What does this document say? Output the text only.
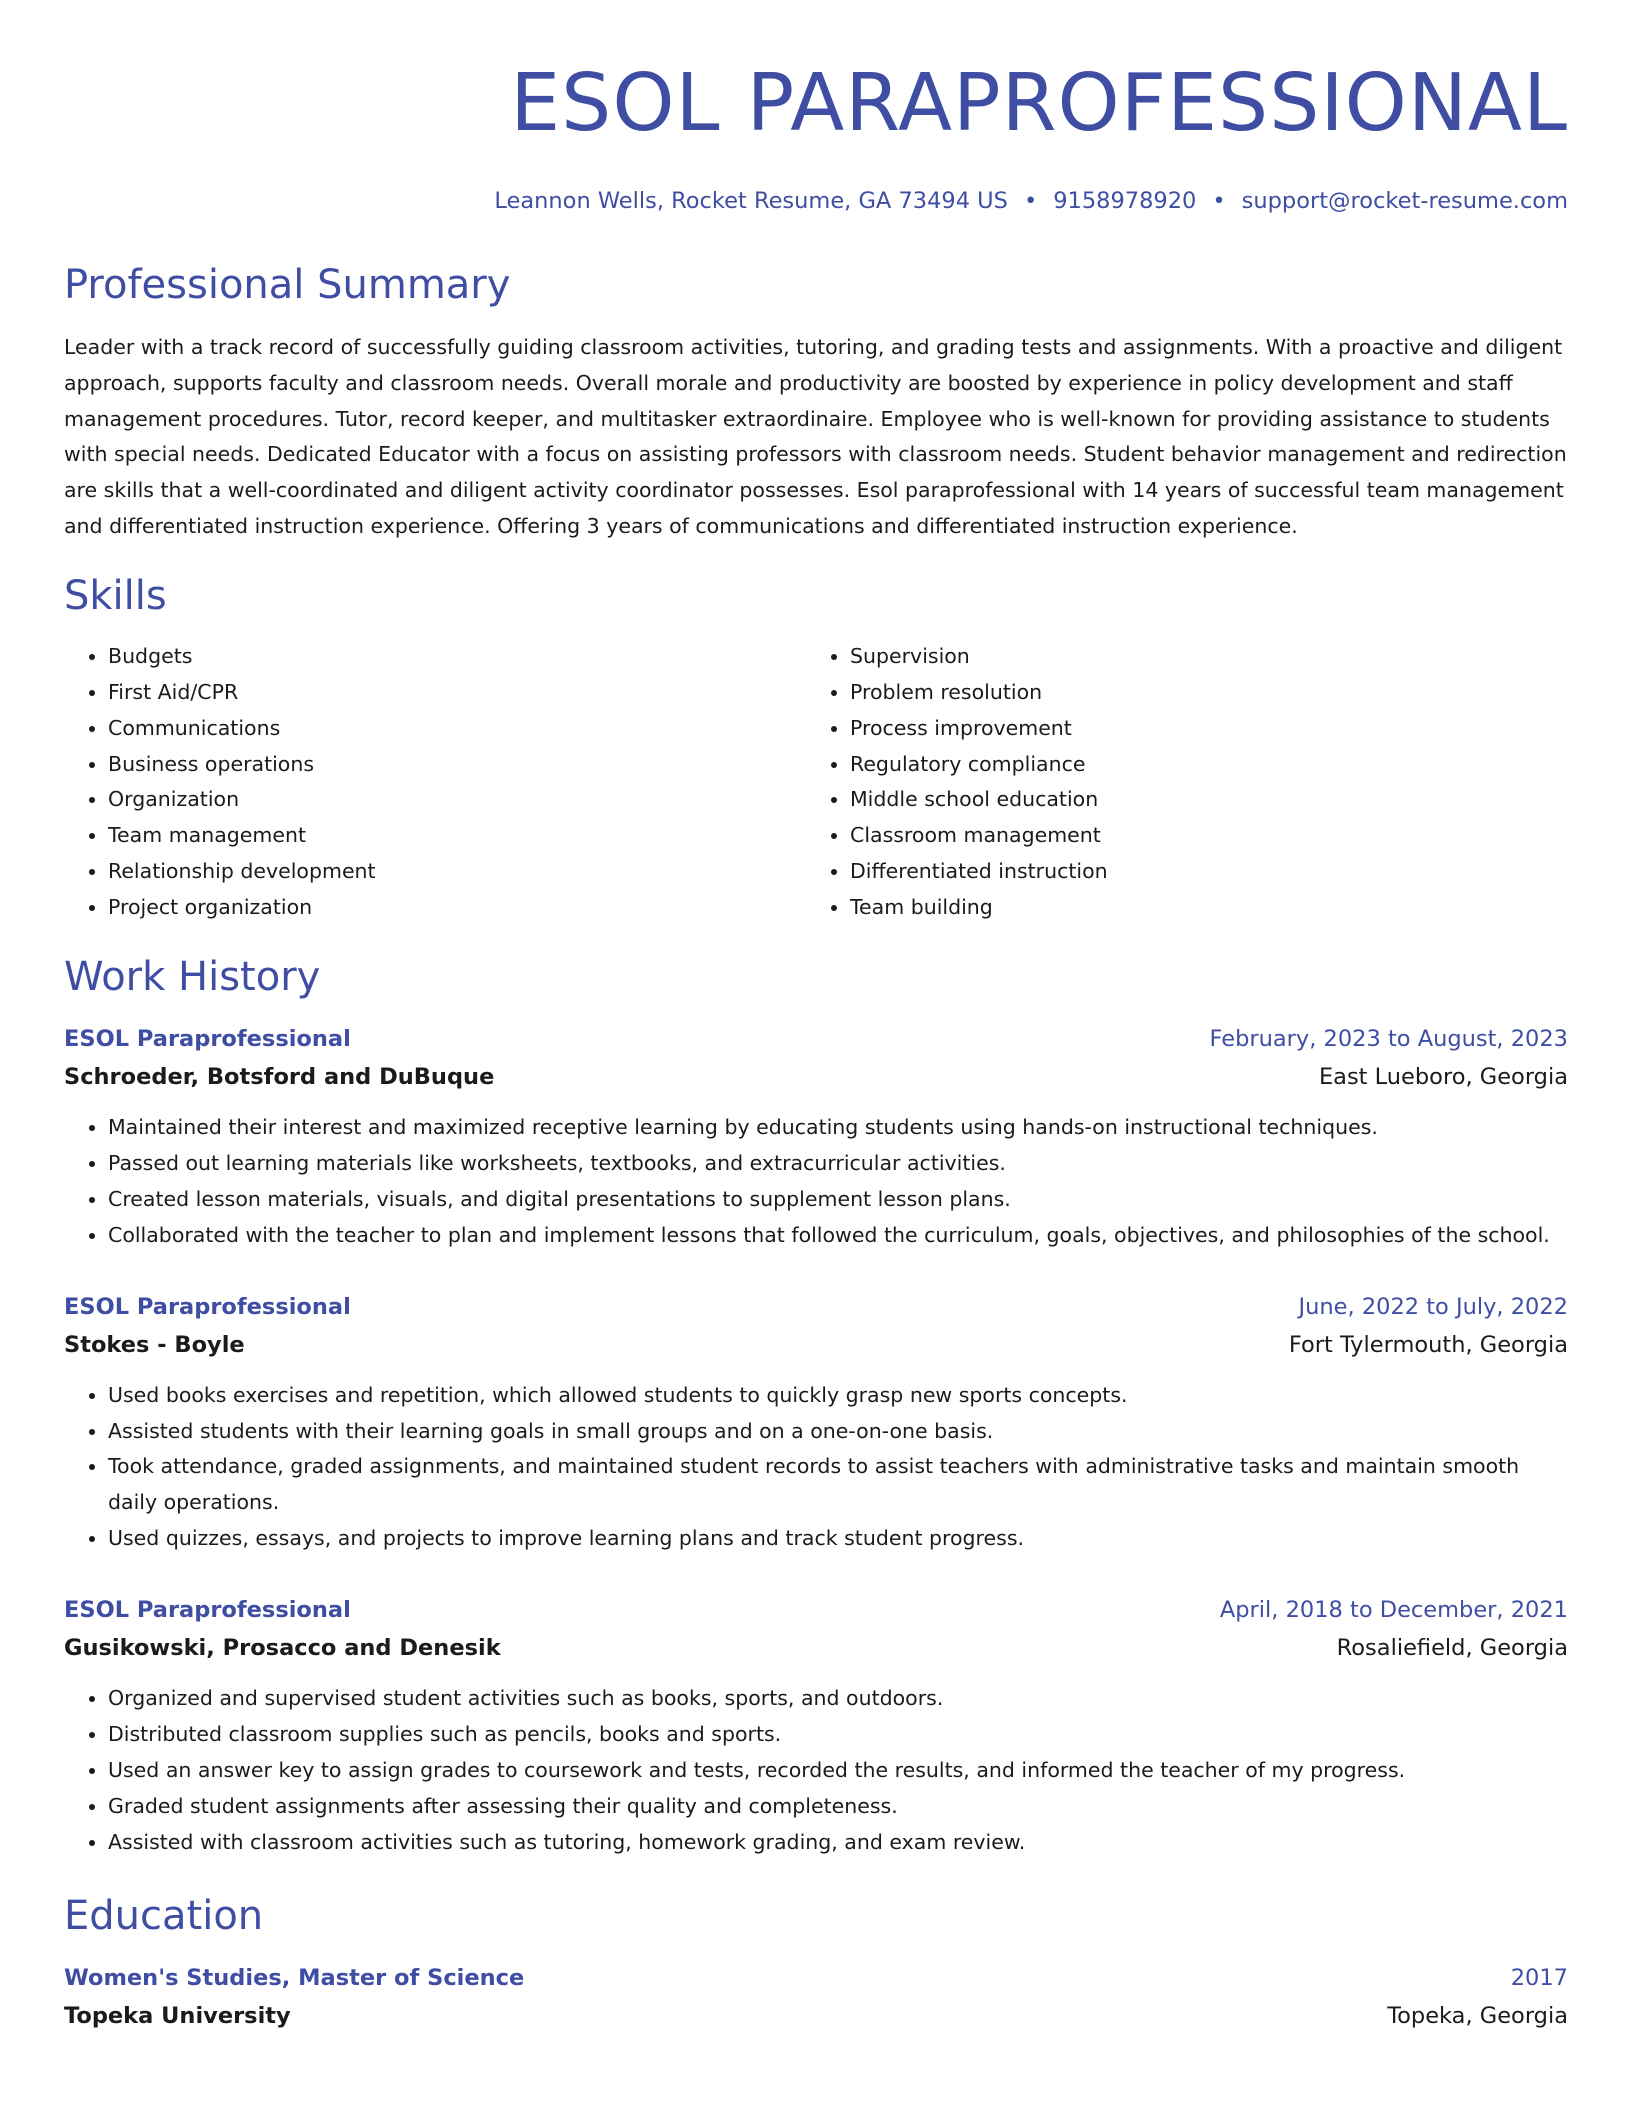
ESOL PARAPROFESSIONAL
Leannon Wells, Rocket Resume, GA 73494 US • 9158978920 • support@rocket-resume.com
Professional Summary
Leader with a track record of successfully guiding classroom activities, tutoring, and grading tests and assignments. With a proactive and diligent approach, supports faculty and classroom needs. Overall morale and productivity are boosted by experience in policy development and staff management procedures. Tutor, record keeper, and multitasker extraordinaire. Employee who is well-known for providing assistance to students with special needs. Dedicated Educator with a focus on assisting professors with classroom needs. Student behavior management and redirection are skills that a well-coordinated and diligent activity coordinator possesses. Esol paraprofessional with 14 years of successful team management and differentiated instruction experience. Offering 3 years of communications and differentiated instruction experience.
Skills
• Budgets
• First Aid/CPR
• Communications
• Business operations
• Organization
• Team management
• Relationship development
• Project organization
• Supervision
• Problem resolution
• Process improvement
• Regulatory compliance
• Middle school education
• Classroom management
• Differentiated instruction
• Team building
Work History
ESOL Paraprofessional	February, 2023 to August, 2023
Schroeder, Botsford and DuBuque	East Lueboro, Georgia
• Maintained their interest and maximized receptive learning by educating students using hands-on instructional techniques.
• Passed out learning materials like worksheets, textbooks, and extracurricular activities.
• Created lesson materials, visuals, and digital presentations to supplement lesson plans.
• Collaborated with the teacher to plan and implement lessons that followed the curriculum, goals, objectives, and philosophies of the school.
ESOL Paraprofessional	June, 2022 to July, 2022
Stokes - Boyle	Fort Tylermouth, Georgia
• Used books exercises and repetition, which allowed students to quickly grasp new sports concepts.
• Assisted students with their learning goals in small groups and on a one-on-one basis.
• Took attendance, graded assignments, and maintained student records to assist teachers with administrative tasks and maintain smooth daily operations.
• Used quizzes, essays, and projects to improve learning plans and track student progress.
ESOL Paraprofessional	April, 2018 to December, 2021
Gusikowski, Prosacco and Denesik	Rosaliefield, Georgia
• Organized and supervised student activities such as books, sports, and outdoors.
• Distributed classroom supplies such as pencils, books and sports.
• Used an answer key to assign grades to coursework and tests, recorded the results, and informed the teacher of my progress.
• Graded student assignments after assessing their quality and completeness.
• Assisted with classroom activities such as tutoring, homework grading, and exam review.
Education
Women's Studies, Master of Science	2017
Topeka University	Topeka, Georgia
